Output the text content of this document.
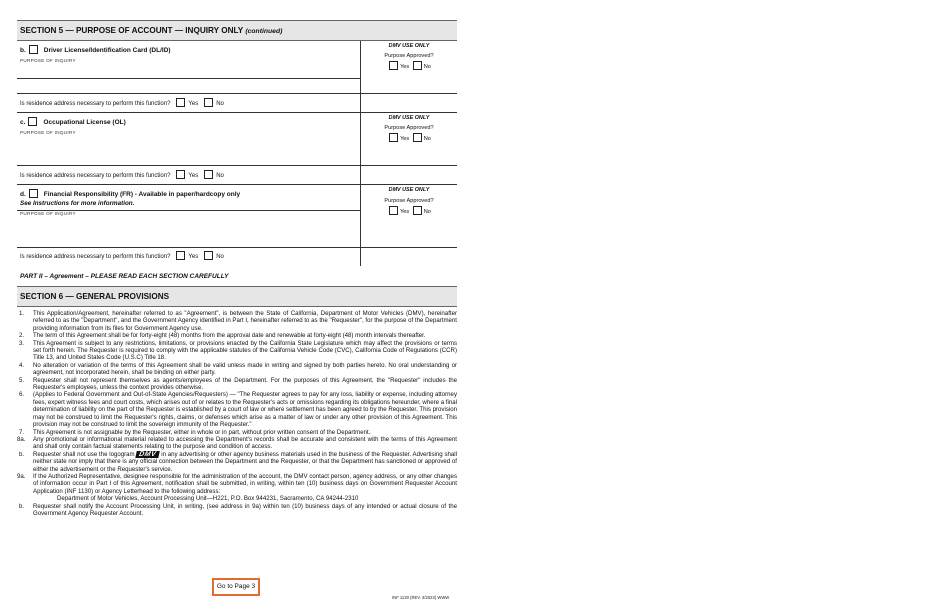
SECTION 5 — PURPOSE OF ACCOUNT — INQUIRY ONLY (continued)
b.	Driver License/Identification Card (DL/ID)
PURPOSE OF INQUIRY
DMV USE ONLY
Purpose Approved?
Yes	No
Is residence address necessary to perform this function?	Yes	No
c.	Occupational License (OL)
PURPOSE OF INQUIRY
DMV USE ONLY
Purpose Approved?
Yes	No
Is residence address necessary to perform this function?	Yes	No
d.	Financial Responsibility (FR) - Available in paper/hardcopy only
See Instructions for more information.
PURPOSE OF INQUIRY
DMV USE ONLY
Purpose Approved?
Yes	No
Is residence address necessary to perform this function?	Yes	No
PART II – Agreement – PLEASE READ EACH SECTION CAREFULLY
SECTION 6 — GENERAL PROVISIONS
1. This Application/Agreement, hereinafter referred to as "Agreement", is between the State of California, Department of Motor Vehicles (DMV), hereinafter referred to as the "Department", and the Government Agency identified in Part I, hereinafter referred to as the "Requester", for the purpose of the Department providing information from its files for Government Agency use.
2. The term of this Agreement shall be for forty-eight (48) months from the approval date and renewable at forty-eight (48) month intervals thereafter.
3. This Agreement is subject to any restrictions, limitations, or provisions enacted by the California State Legislature which may affect the provisions or terms set forth herein. The Requester is required to comply with the applicable statutes of the California Vehicle Code (CVC), California Code of Regulations (CCR) Title 13, and United States Code (U.S.C) Title 18.
4. No alteration or variation of the terms of this Agreement shall be valid unless made in writing and signed by both parties hereto. No oral understanding or agreement, not incorporated herein, shall be binding on either party.
5. Requester shall not represent themselves as agents/employees of the Department. For the purposes of this Agreement, the "Requester" includes the Requester's employees, unless the context provides otherwise.
6. (Applies to Federal Government and Out-of-State Agencies/Requesters) — "The Requester agrees to pay for any loss, liability or expense, including attorney fees, expert witness fees and court costs, which arises out of or relates to the Requester's acts or omissions regarding its obligations hereunder, where a final determination of liability on the part of the Requester is established by a court of law or where settlement has been agreed to by the Requester. This provision may not be construed to limit the Requester's rights, claims, or defenses which arise as a matter of law or under any other provision of this Agreement. This provision may not be construed to limit the sovereign immunity of the Requester."
7. This Agreement is not assignable by the Requester, either in whole or in part, without prior written consent of the Department.
8a. Any promotional or informational material related to accessing the Department's records shall be accurate and consistent with the terms of this Agreement and shall only contain factual statements relating to the purpose and condition of access.
b. Requester shall not use the logogram DMV in any advertising or other agency business materials used in the business of the Requester. Advertising shall neither state nor imply that there is any official connection between the Department and the Requester, or that the Department has sanctioned or approved of either the advertisement or the Requester's service.
9a. If the Authorized Representative, designee responsible for the administration of the account, the DMV contact person, agency address, or any other changes of information occur in Part I of this Agreement, notification shall be submitted, in writing, within ten (10) business days on Government Requester Account Application (INF 1130) or Agency Letterhead to the following address:
Department of Motor Vehicles, Account Processing Unit—H221, P.O. Box 944231, Sacramento, CA 94244-2310
b. Requester shall notify the Account Processing Unit, in writing, (see address in 9a) within ten (10) business days of any intended or actual closure of the Government Agency Requester Account.
Go to Page 3
INF 1130 (REV. 4/2023) WWW
